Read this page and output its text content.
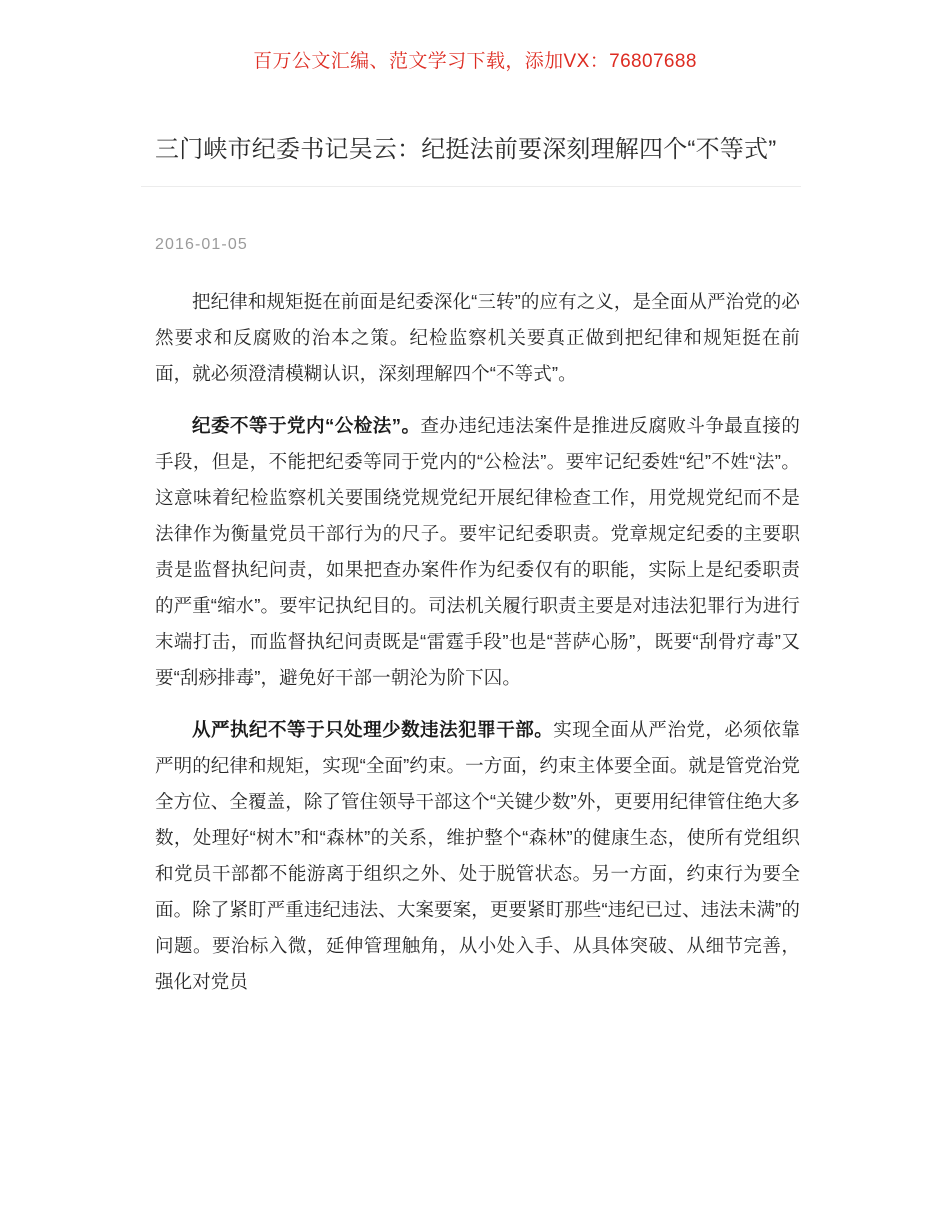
百万公文汇编、范文学习下载，添加VX：76807688
三门峡市纪委书记吴云：纪挺法前要深刻理解四个“不等式”
2016-01-05

把纪律和规矩挺在前面是纪委深化“三转”的应有之义，是全面从严治党的必然要求和反腐败的治本之策。纪检监察机关要真正做到把纪律和规矩挺在前面，就必须澄清模糊认识，深刻理解四个“不等式”。

纪委不等于党内“公检法”。查办违纪违法案件是推进反腐败斗争最直接的手段，但是，不能把纪委等同于党内的“公检法”。要牢记纪委姓“纪”不姓“法”。这意味着纪检监察机关要围绕党规党纪开展纪律检查工作，用党规党纪而不是法律作为衡量党员干部行为的尺子。要牢记纪委职责。党章规定纪委的主要职责是监督执纪问责，如果把查办案件作为纪委仅有的职能，实际上是纪委职责的严重“缩水”。要牢记执纪目的。司法机关履行职责主要是对违法犯罪行为进行末端打击，而监督执纪问责既是“雷霆手段”也是“菩萨心肠”，既要“刮骨疗毒”又要“刮痧排毒”，避免好干部一朝沦为阶下囚。

从严执纪不等于只处理少数违法犯罪干部。实现全面从严治党，必须依靠严明的纪律和规矩，实现“全面”约束。一方面，约束主体要全面。就是管党治党全方位、全覆盖，除了管住领导干部这个“关键少数”外，更要用纪律管住绝大多数，处理好“树木”和“森林”的关系，维护整个“森林”的健康生态，使所有党组织和党员干部都不能游离于组织之外、处于脱管状态。另一方面，约束行为要全面。除了紧盯严重违纪违法、大案要案，更要紧盯那些“违纪已过、违法未满”的问题。要治标入微，延伸管理触角，从小处入手、从具体突破、从细节完善，强化对党员
